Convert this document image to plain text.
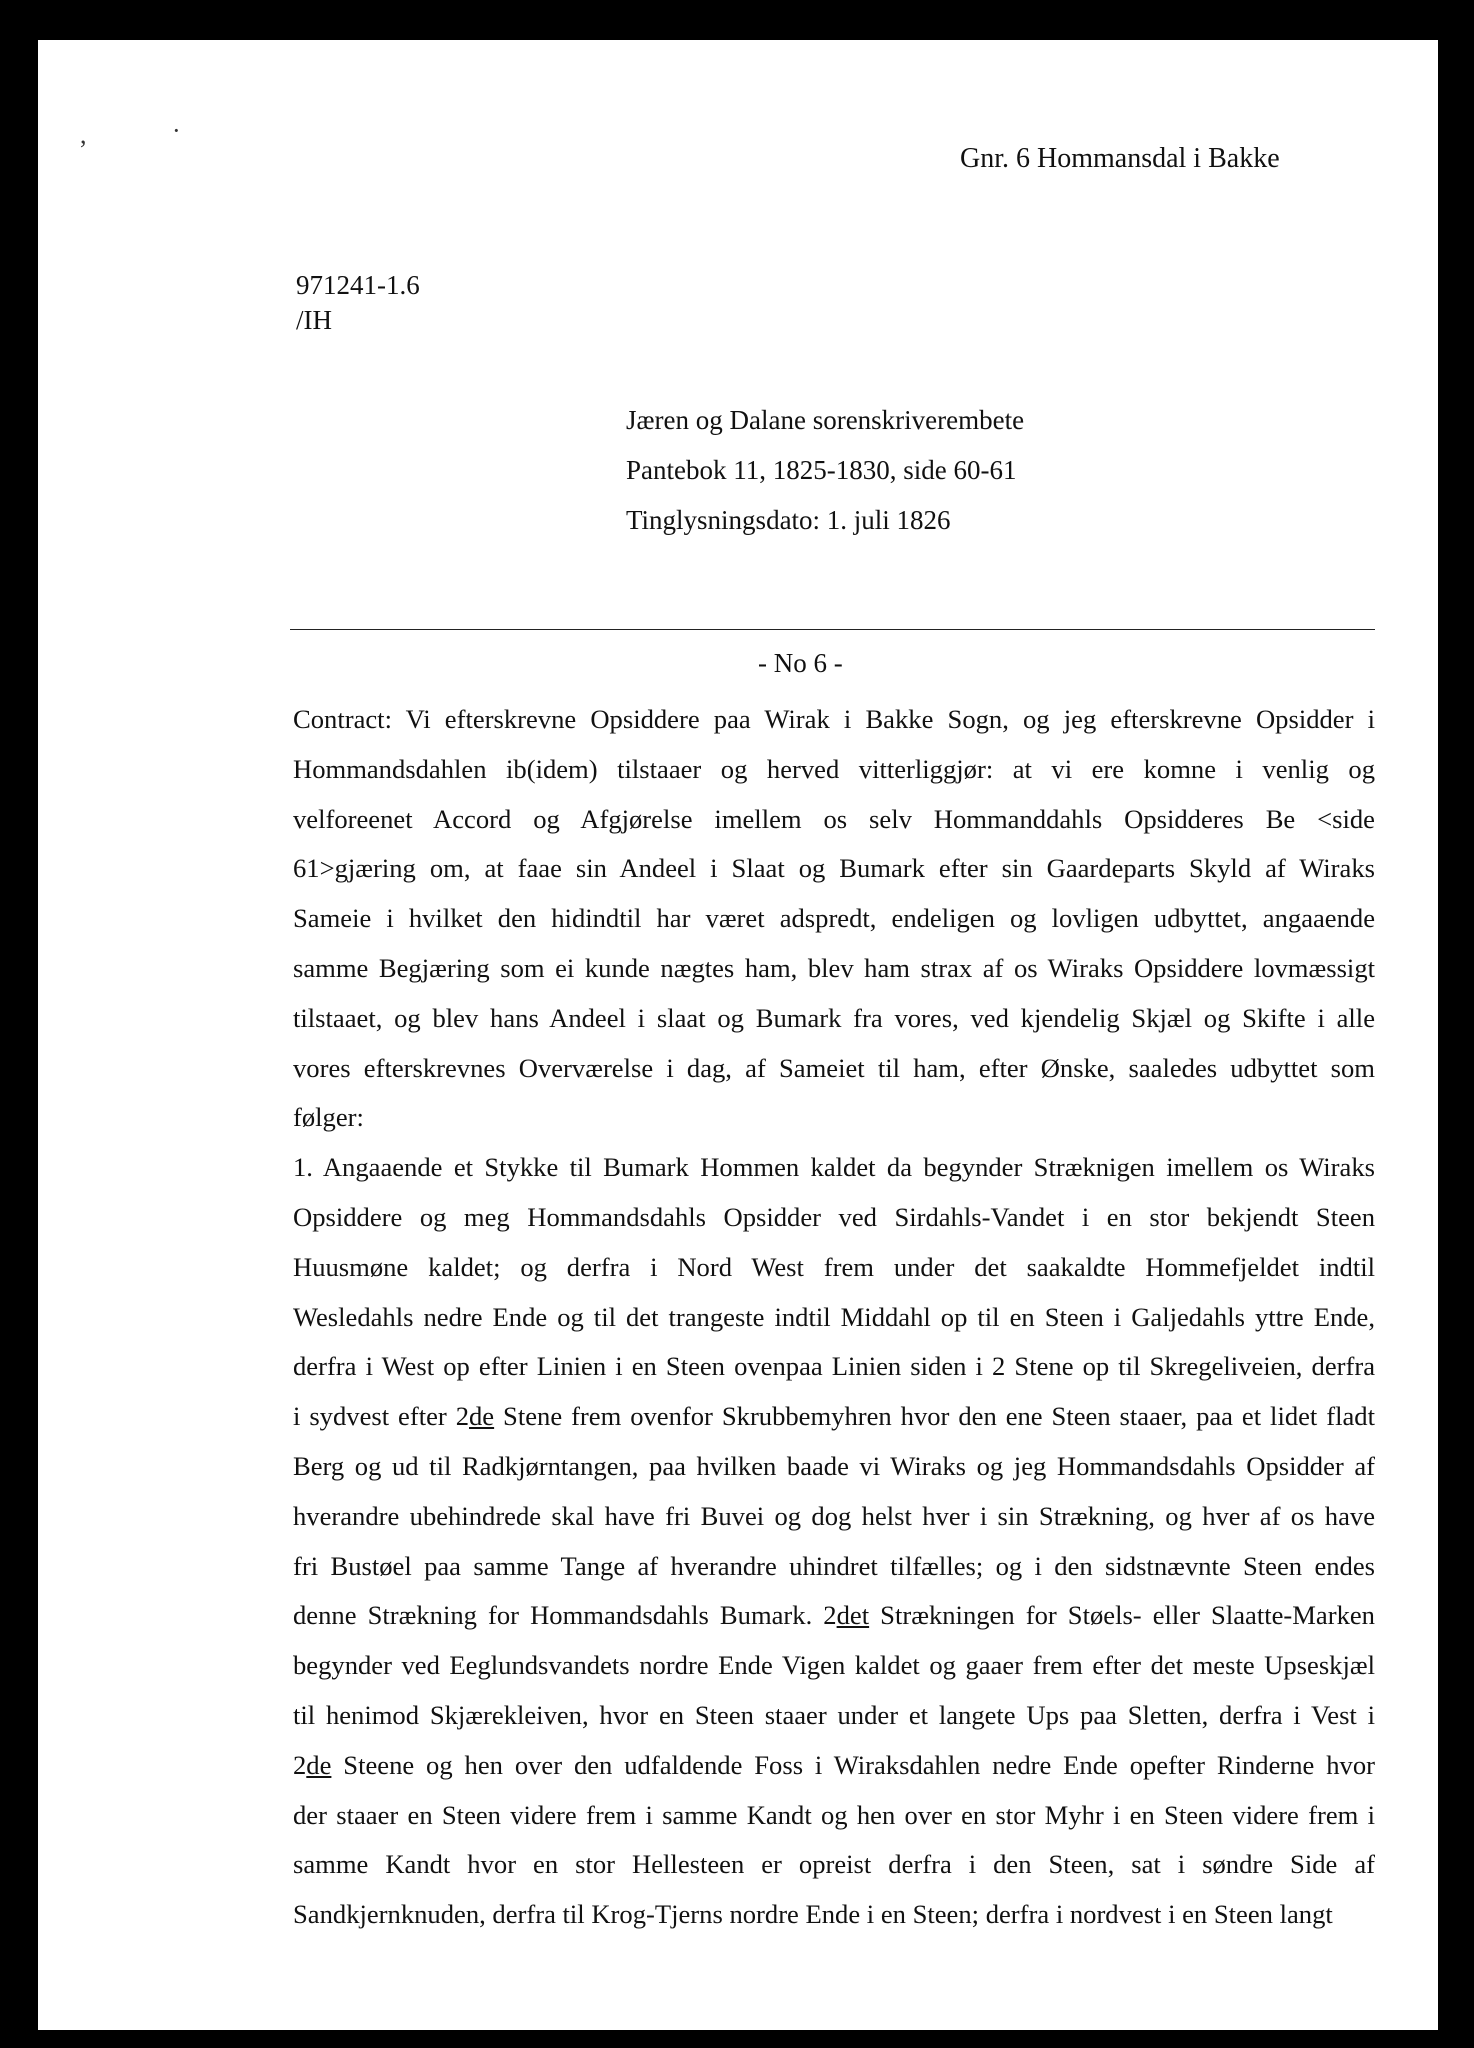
,	·
Gnr. 6 Hommansdal i Bakke
971241-1.6
/IH
Jæren og Dalane sorenskriverembete
Pantebok 11, 1825-1830, side 60-61
Tinglysningsdato: 1. juli 1826
- No 6 -
Contract: Vi efterskrevne Opsiddere paa Wirak i Bakke Sogn, og jeg efterskrevne Opsidder i
Hommandsdahlen ib(idem) tilstaaer og herved vitterliggjør: at vi ere komne i venlig og
velforeenet Accord og Afgjørelse imellem os selv Hommanddahls Opsidderes Be <side
61>gjæring om, at faae sin Andeel i Slaat og Bumark efter sin Gaardeparts Skyld af Wiraks
Sameie i hvilket den hidindtil har været adspredt, endeligen og lovligen udbyttet, angaaende
samme Begjæring som ei kunde nægtes ham, blev ham strax af os Wiraks Opsiddere lovmæssigt
tilstaaet, og blev hans Andeel i slaat og Bumark fra vores, ved kjendelig Skjæl og Skifte i alle
vores efterskrevnes Overværelse i dag, af Sameiet til ham, efter Ønske, saaledes udbyttet som
følger:
1. Angaaende et Stykke til Bumark Hommen kaldet da begynder Stræknigen imellem os Wiraks
Opsiddere og meg Hommandsdahls Opsidder ved Sirdahls-Vandet i en stor bekjendt Steen
Huusmøne kaldet; og derfra i Nord West frem under det saakaldte Hommefjeldet indtil
Wesledahls nedre Ende og til det trangeste indtil Middahl op til en Steen i Galjedahls yttre Ende,
derfra i West op efter Linien i en Steen ovenpaa Linien siden i 2 Stene op til Skregeliveien, derfra
i sydvest efter 2de Stene frem ovenfor Skrubbemyhren hvor den ene Steen staaer, paa et lidet fladt
Berg og ud til Radkjørntangen, paa hvilken baade vi Wiraks og jeg Hommandsdahls Opsidder af
hverandre ubehindrede skal have fri Buvei og dog helst hver i sin Strækning, og hver af os have
fri Bustøel paa samme Tange af hverandre uhindret tilfælles; og i den sidstnævnte Steen endes
denne Strækning for Hommandsdahls Bumark. 2det Strækningen for Støels- eller Slaatte-Marken
begynder ved Eeglundsvandets nordre Ende Vigen kaldet og gaaer frem efter det meste Upseskjæl
til henimod Skjærekleiven, hvor en Steen staaer under et langete Ups paa Sletten, derfra i Vest i
2de Steene og hen over den udfaldende Foss i Wiraksdahlen nedre Ende opefter Rinderne hvor
der staaer en Steen videre frem i samme Kandt og hen over en stor Myhr i en Steen videre frem i
samme Kandt hvor en stor Hellesteen er opreist derfra i den Steen, sat i søndre Side af
Sandkjernknuden, derfra til Krog-Tjerns nordre Ende i en Steen; derfra i nordvest i en Steen langt
